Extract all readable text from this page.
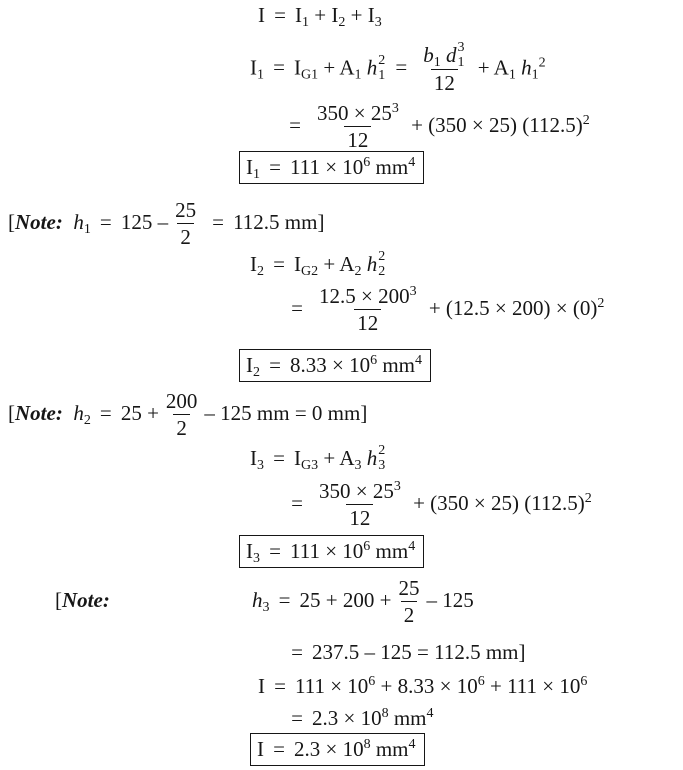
$I = I_1 + I_2 + I_3$
$I_1 = I_{G1} + A_1$ h 2
$1 = b_1$ d 3
1
$12 + A_1$ $h_1^2$
= $\frac{350 \times 25^3}{12} + (350 \times 25)$ $(112.5)^2$
$I_1 = 111 \times 10^6$ $mm^4$
[Note: $h_1 = 125 - \frac{25}{2} = 112.5$ mm]
$I_2 = I_{G2} + A_2$ h 2
2
= $\frac{12.5 \times 200^3}{12} + (12.5 \times 200) \times (0)^2$
$I_2 = 8.33 \times 10^6$ $mm^4$
[Note: $h_2 = 25 + \frac{200}{2} - 125$ mm = 0 mm]
$I_3 = I_{G3} + A_3$ h 2
3
= $\frac{350 \times 25^3}{12} + (350 \times 25)$ $(112.5)^2$
$I_3 = 111 \times 10^6$ $mm^4$
[Note:	$h_3 = 25 + 200 + \frac{25}{2} - 125$
= 237.5 – 125 = 112.5 mm]
$I = 111 \times 10^6 + 8.33 \times 10^6 + 111 \times 10^6$
= $2.3 \times 10^8$ $mm^4$
$I = 2.3 \times 10^8$ $mm^4$
